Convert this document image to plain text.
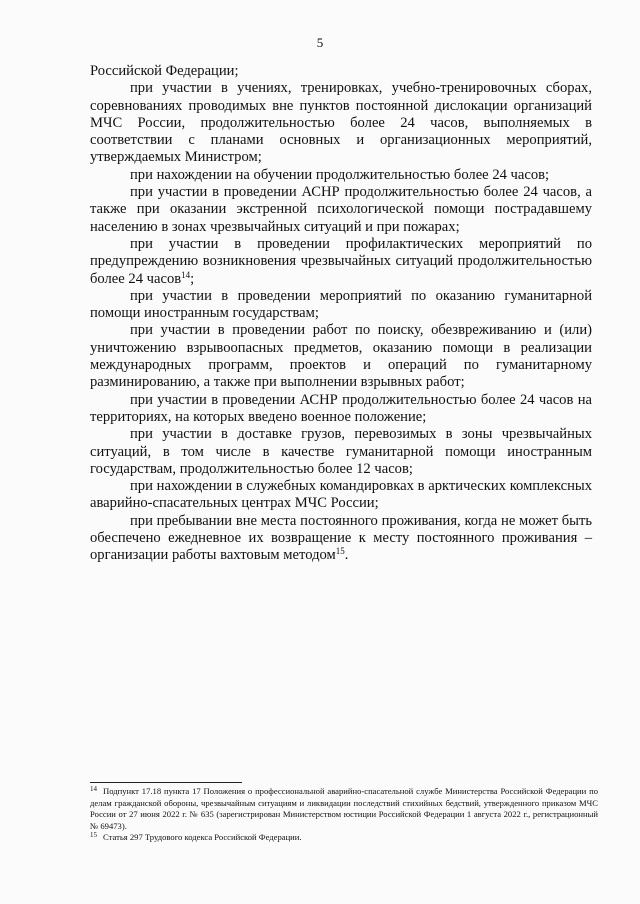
5

Российской Федерации;

при участии в учениях, тренировках, учебно-тренировочных сборах, соревнованиях проводимых вне пунктов постоянной дислокации организаций МЧС России, продолжительностью более 24 часов, выполняемых в соответствии с планами основных и организационных мероприятий, утверждаемых Министром;

при нахождении на обучении продолжительностью более 24 часов;

при участии в проведении АСНР продолжительностью более 24 часов, а также при оказании экстренной психологической помощи пострадавшему населению в зонах чрезвычайных ситуаций и при пожарах;

при участии в проведении профилактических мероприятий по предупреждению возникновения чрезвычайных ситуаций продолжительностью более 24 часов$^{14}$;

при участии в проведении мероприятий по оказанию гуманитарной помощи иностранным государствам;

при участии в проведении работ по поиску, обезвреживанию и (или) уничтожению взрывоопасных предметов, оказанию помощи в реализации международных программ, проектов и операций по гуманитарному разминированию, а также при выполнении взрывных работ;

при участии в проведении АСНР продолжительностью более 24 часов на территориях, на которых введено военное положение;

при участии в доставке грузов, перевозимых в зоны чрезвычайных ситуаций, в том числе в качестве гуманитарной помощи иностранным государствам, продолжительностью более 12 часов;

при нахождении в служебных командировках в арктических комплексных аварийно-спасательных центрах МЧС России;

при пребывании вне места постоянного проживания, когда не может быть обеспечено ежедневное их возвращение к месту постоянного проживания – организации работы вахтовым методом$^{15}$.

$^{14}$ Подпункт 17.18 пункта 17 Положения о профессиональной аварийно-спасательной службе Министерства Российской Федерации по делам гражданской обороны, чрезвычайным ситуациям и ликвидации последствий стихийных бедствий, утвержденного приказом МЧС России от 27 июня 2022 г. № 635 (зарегистрирован Министерством юстиции Российской Федерации 1 августа 2022 г., регистрационный № 69473).

$^{15}$ Статья 297 Трудового кодекса Российской Федерации.
